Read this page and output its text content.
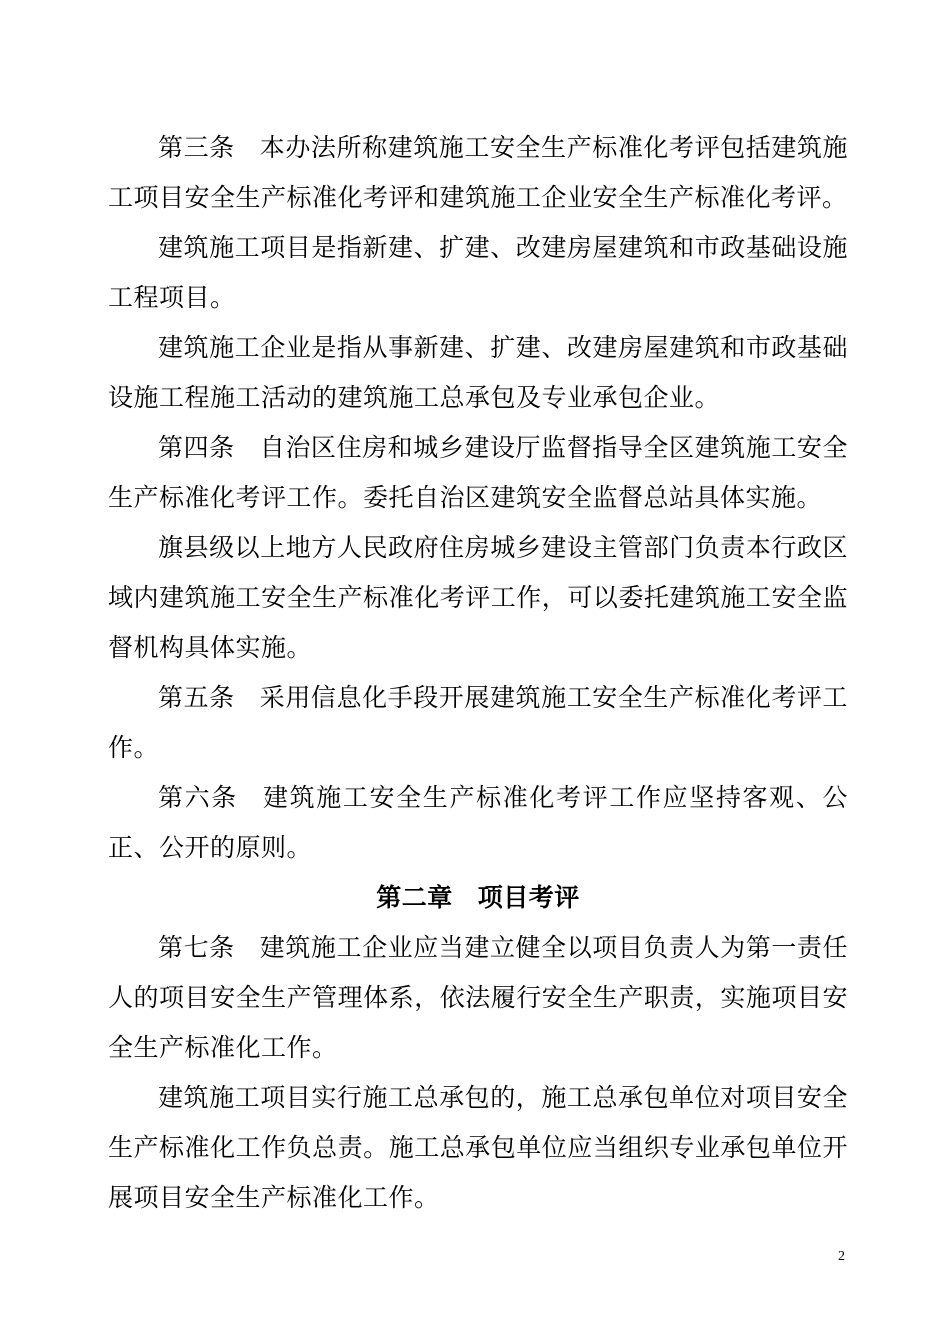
第三条 本办法所称建筑施工安全生产标准化考评包括建筑施工项目安全生产标准化考评和建筑施工企业安全生产标准化考评。

建筑施工项目是指新建、扩建、改建房屋建筑和市政基础设施工程项目。

建筑施工企业是指从事新建、扩建、改建房屋建筑和市政基础设施工程施工活动的建筑施工总承包及专业承包企业。

第四条 自治区住房和城乡建设厅监督指导全区建筑施工安全生产标准化考评工作。委托自治区建筑安全监督总站具体实施。

旗县级以上地方人民政府住房城乡建设主管部门负责本行政区域内建筑施工安全生产标准化考评工作，可以委托建筑施工安全监督机构具体实施。

第五条 采用信息化手段开展建筑施工安全生产标准化考评工作。

第六条 建筑施工安全生产标准化考评工作应坚持客观、公正、公开的原则。

第二章 项目考评

第七条 建筑施工企业应当建立健全以项目负责人为第一责任人的项目安全生产管理体系，依法履行安全生产职责，实施项目安全生产标准化工作。

建筑施工项目实行施工总承包的，施工总承包单位对项目安全生产标准化工作负总责。施工总承包单位应当组织专业承包单位开展项目安全生产标准化工作。

2
